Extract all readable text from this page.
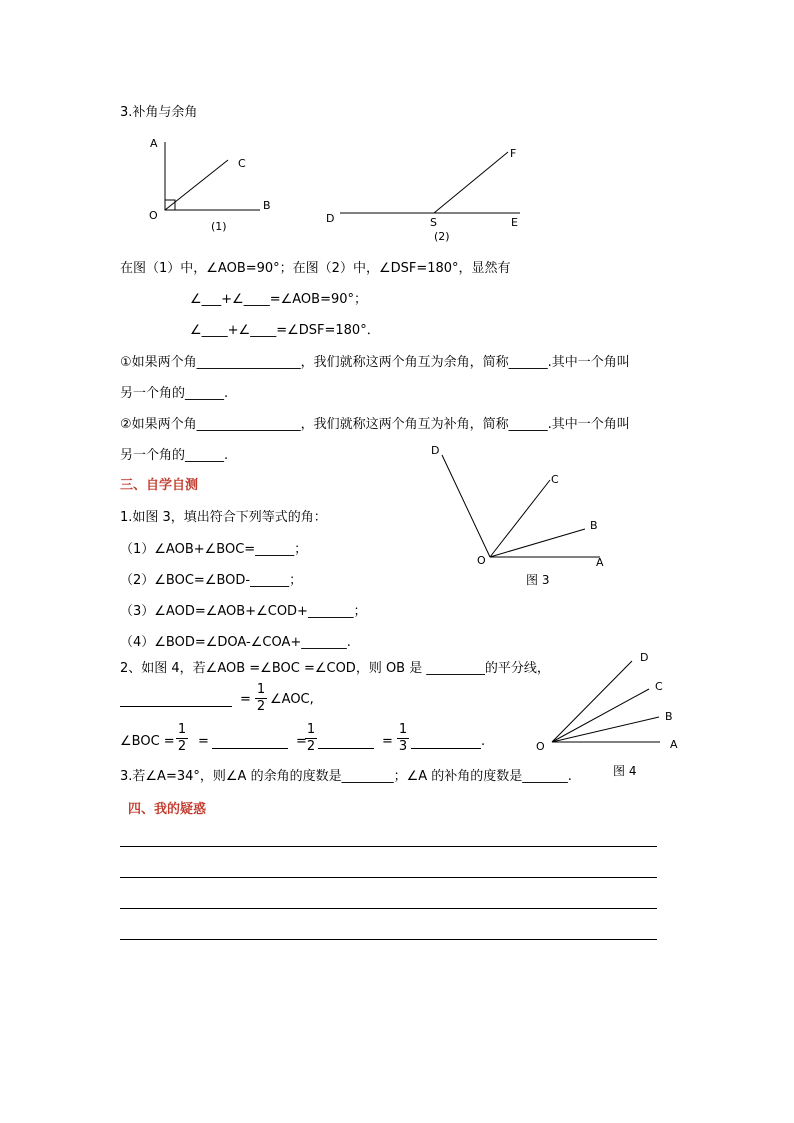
3.补角与余角
A
C
B
O
(1)
D	S	E
F
(2)
在图（1）中，∠AOB=90°；在图（2）中，∠DSF=180°，显然有
∠___+∠____=∠AOB=90°；
∠____+∠____=∠DSF=180°．
①如果两个角________________，我们就称这两个角互为余角，简称______.其中一个角叫
另一个角的______.
②如果两个角________________，我们就称这两个角互为补角，简称______.其中一个角叫
另一个角的______.	D
C
B
O	A
图 3
三、自学自测
1.如图 3，填出符合下列等式的角：
（1）∠AOB+∠BOC=______；
（2）∠BOC=∠BOD-______；
（3）∠AOD=∠AOB+∠COD+_______；
（4）∠BOD=∠DOA-∠COA+_______.
2、如图 4，若∠AOB =∠BOC =∠COD，则 OB 是 _________的平分线，
=
1
2 ∠AOC,
∠BOC =
1
2 =	=
1
2	=
1
3	.
D
C
B
O	A
图 4
3.若∠A=34°，则∠A 的余角的度数是________；∠A 的补角的度数是_______.
四、我的疑惑
